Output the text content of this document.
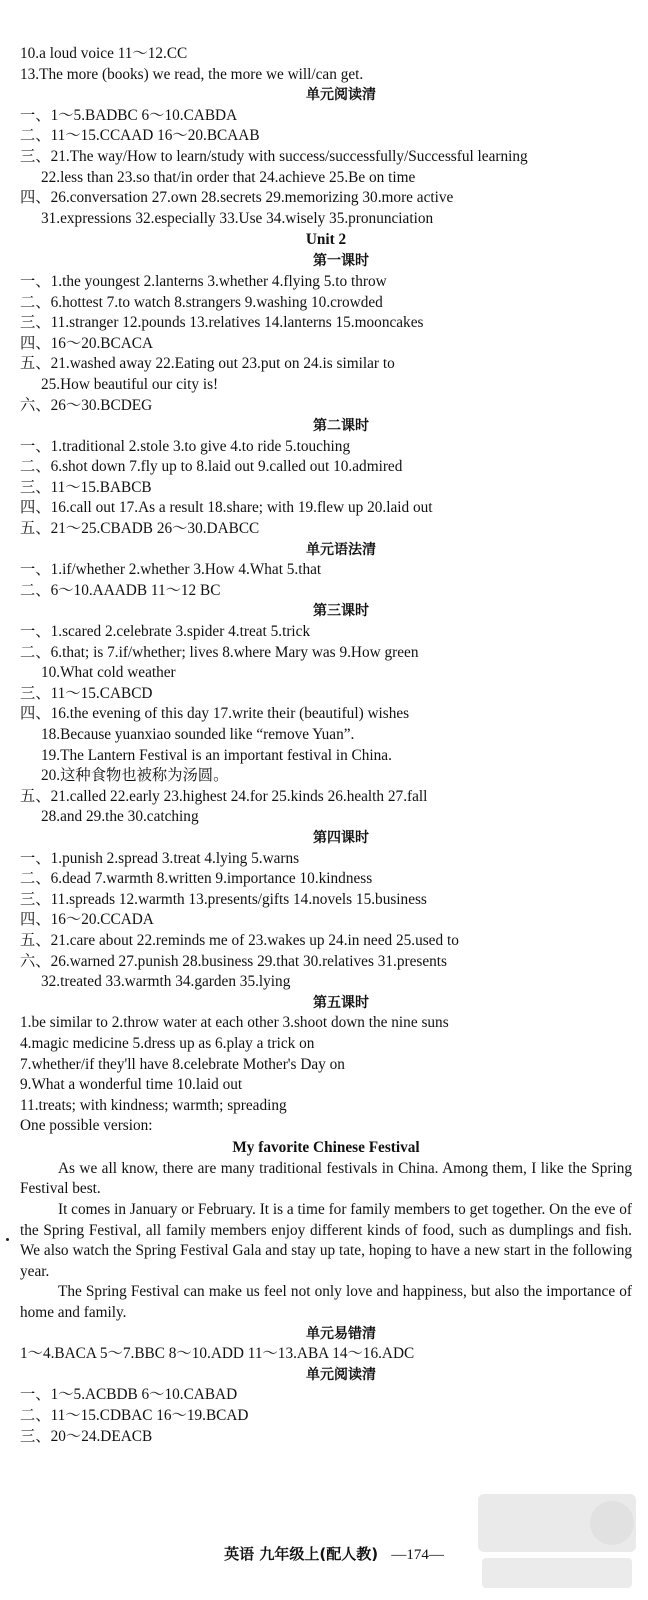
10.a loud voice 11～12.CC
13.The more (books) we read, the more we will/can get.
单元阅读清
一、1～5.BADBC 6～10.CABDA
二、11～15.CCAAD 16～20.BCAAB
三、21.The way/How to learn/study with success/successfully/Successful learning
22.less than 23.so that/in order that 24.achieve 25.Be on time
四、26.conversation 27.own 28.secrets 29.memorizing 30.more active
31.expressions 32.especially 33.Use 34.wisely 35.pronunciation
Unit 2
第一课时
一、1.the youngest 2.lanterns 3.whether 4.flying 5.to throw
二、6.hottest 7.to watch 8.strangers 9.washing 10.crowded
三、11.stranger 12.pounds 13.relatives 14.lanterns 15.mooncakes
四、16～20.BCACA
五、21.washed away 22.Eating out 23.put on 24.is similar to
25.How beautiful our city is!
六、26～30.BCDEG
第二课时
一、1.traditional 2.stole 3.to give 4.to ride 5.touching
二、6.shot down 7.fly up to 8.laid out 9.called out 10.admired
三、11～15.BABCB
四、16.call out 17.As a result 18.share; with 19.flew up 20.laid out
五、21～25.CBADB 26～30.DABCC
单元语法清
一、1.if/whether 2.whether 3.How 4.What 5.that
二、6～10.AAADB 11～12 BC
第三课时
一、1.scared 2.celebrate 3.spider 4.treat 5.trick
二、6.that; is 7.if/whether; lives 8.where Mary was 9.How green
10.What cold weather
三、11～15.CABCD
四、16.the evening of this day 17.write their (beautiful) wishes
18.Because yuanxiao sounded like “remove Yuan”.
19.The Lantern Festival is an important festival in China.
20.这种食物也被称为汤圆。
五、21.called 22.early 23.highest 24.for 25.kinds 26.health 27.fall
28.and 29.the 30.catching
第四课时
一、1.punish 2.spread 3.treat 4.lying 5.warns
二、6.dead 7.warmth 8.written 9.importance 10.kindness
三、11.spreads 12.warmth 13.presents/gifts 14.novels 15.business
四、16～20.CCADA
五、21.care about 22.reminds me of 23.wakes up 24.in need 25.used to
六、26.warned 27.punish 28.business 29.that 30.relatives 31.presents
32.treated 33.warmth 34.garden 35.lying
第五课时
1.be similar to 2.throw water at each other 3.shoot down the nine suns
4.magic medicine 5.dress up as 6.play a trick on
7.whether/if they'll have 8.celebrate Mother's Day on
9.What a wonderful time 10.laid out
11.treats; with kindness; warmth; spreading
One possible version:
My favorite Chinese Festival

As we all know, there are many traditional festivals in China. Among them, I like the Spring Festival best.

It comes in January or February. It is a time for family members to get together. On the eve of the Spring Festival, all family members enjoy different kinds of food, such as dumplings and fish. We also watch the Spring Festival Gala and stay up tate, hoping to have a new start in the following year.

The Spring Festival can make us feel not only love and happiness, but also the importance of home and family.

单元易错清
1～4.BACA 5～7.BBC 8～10.ADD 11～13.ABA 14～16.ADC
单元阅读清
一、1～5.ACBDB 6～10.CABAD
二、11～15.CDBAC 16～19.BCAD
三、20～24.DEACB
英语 九年级上(配人教) —174—
